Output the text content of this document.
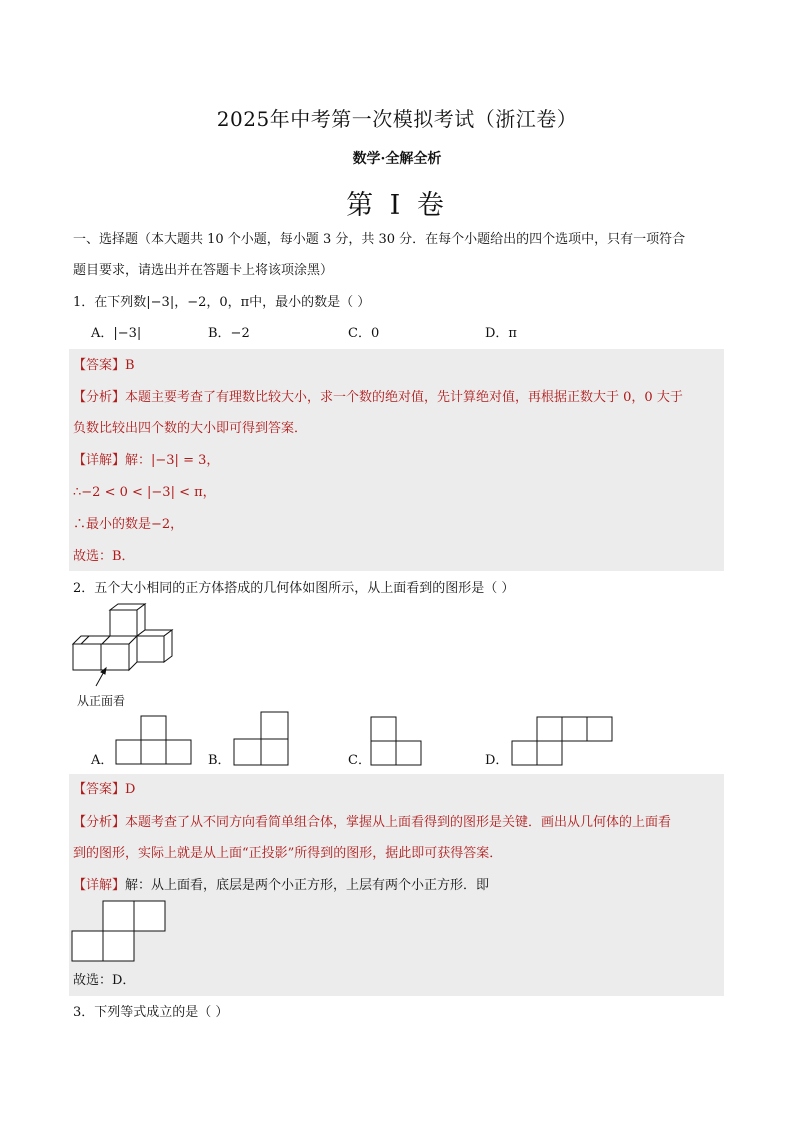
2025年中考第一次模拟考试（浙江卷）
数学·全解全析
第 I 卷
一、选择题（本大题共 10 个小题，每小题 3 分，共 30 分．在每个小题给出的四个选项中，只有一项符合
题目要求，请选出并在答题卡上将该项涂黑）
1．在下列数|−3|，−2，0，π中，最小的数是（ ）
A．|−3|	B．−2	C．0	D．π
【答案】B
【分析】本题主要考查了有理数比较大小，求一个数的绝对值，先计算绝对值，再根据正数大于 0，0 大于
负数比较出四个数的大小即可得到答案．
【详解】解：|−3| = 3，
∴−2 < 0 < |−3| < π，
∴最小的数是−2，
故选：B．
2．五个大小相同的正方体搭成的几何体如图所示，从上面看到的图形是（ ）
从正面看
A．	B．	C．	D．
【答案】D
【分析】本题考查了从不同方向看简单组合体，掌握从上面看得到的图形是关键．画出从几何体的上面看
到的图形，实际上就是从上面“正投影”所得到的图形，据此即可获得答案．
【详解】解：从上面看，底层是两个小正方形，上层有两个小正方形．即
故选：D．
3．下列等式成立的是（ ）
